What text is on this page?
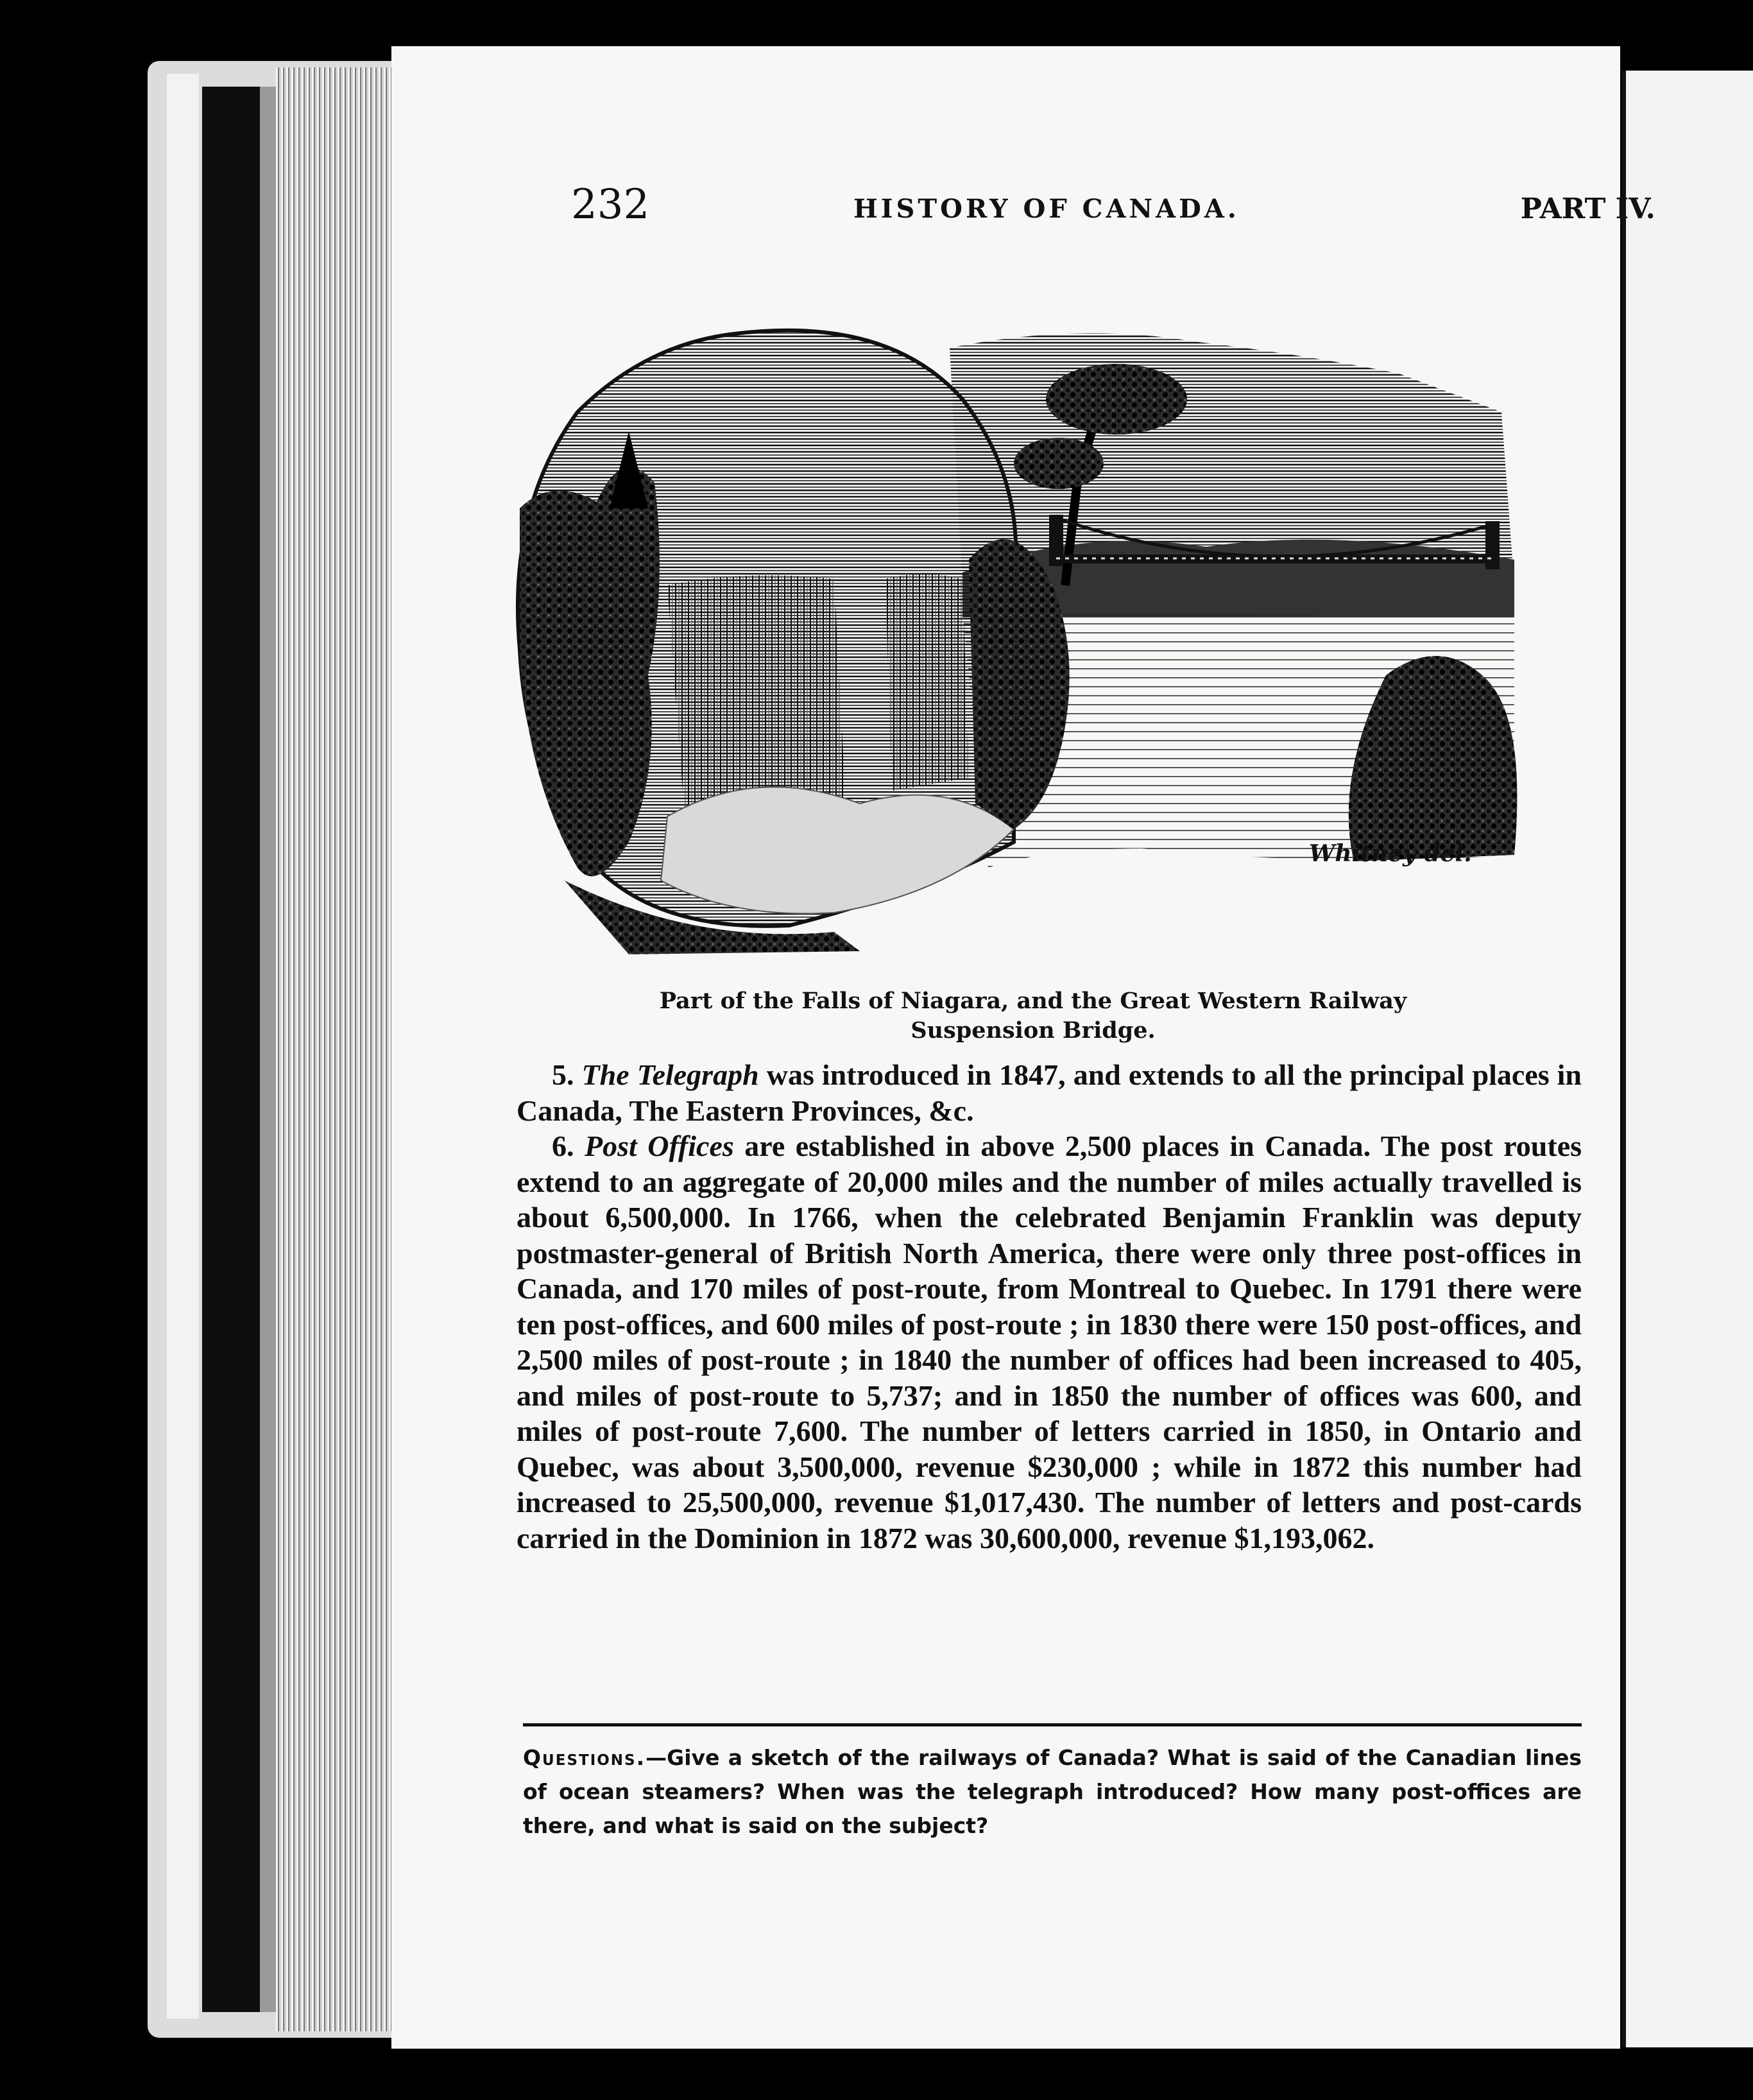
232	HISTORY OF CANADA.	PART IV.
Whitney del.
Part of the Falls of Niagara, and the Great Western Railway
Suspension Bridge.

5. The Telegraph was introduced in 1847, and extends to all the principal places in Canada, The Eastern Provinces, &c.

6. Post Offices are established in above 2,500 places in Canada. The post routes extend to an aggregate of 20,000 miles and the number of miles actually travelled is about 6,500,000. In 1766, when the celebrated Benjamin Franklin was deputy postmaster-general of British North America, there were only three post-offices in Canada, and 170 miles of post-route, from Montreal to Quebec. In 1791 there were ten post-offices, and 600 miles of post-route ; in 1830 there were 150 post-offices, and 2,500 miles of post-route ; in 1840 the number of offices had been increased to 405, and miles of post-route to 5,737; and in 1850 the number of offices was 600, and miles of post-route 7,600. The number of letters carried in 1850, in Ontario and Quebec, was about 3,500,000, revenue $230,000 ; while in 1872 this number had increased to 25,500,000, revenue $1,017,430. The number of letters and post-cards carried in the Dominion in 1872 was 30,600,000, revenue $1,193,062.

Questions.—Give a sketch of the railways of Canada? What is said of the Canadian lines of ocean steamers? When was the telegraph introduced? How many post-offices are there, and what is said on the subject?
